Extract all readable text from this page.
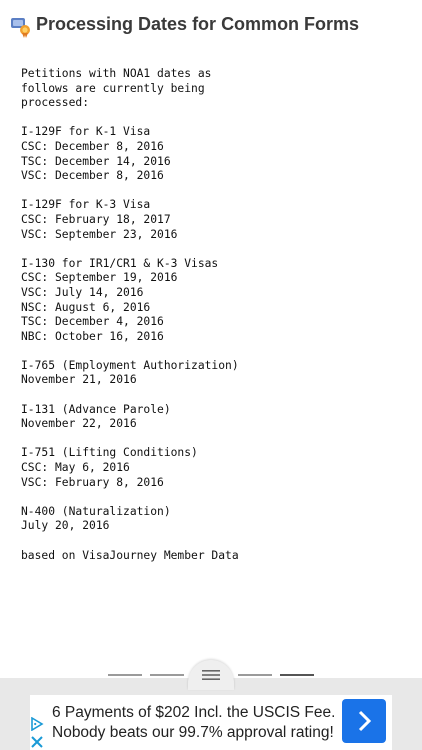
Processing Dates for Common Forms
Petitions with NOA1 dates as
follows are currently being
processed:
I-129F for K-1 Visa
CSC: December 8, 2016
TSC: December 14, 2016
VSC: December 8, 2016
I-129F for K-3 Visa
CSC: February 18, 2017
VSC: September 23, 2016
I-130 for IR1/CR1 & K-3 Visas
CSC: September 19, 2016
VSC: July 14, 2016
NSC: August 6, 2016
TSC: December 4, 2016
NBC: October 16, 2016
I-765 (Employment Authorization)
November 21, 2016
I-131 (Advance Parole)
November 22, 2016
I-751 (Lifting Conditions)
CSC: May 6, 2016
VSC: February 8, 2016
N-400 (Naturalization)
July 20, 2016
based on VisaJourney Member Data
6 Payments of $202 Incl. the USCIS Fee.
Nobody beats our 99.7% approval rating!
